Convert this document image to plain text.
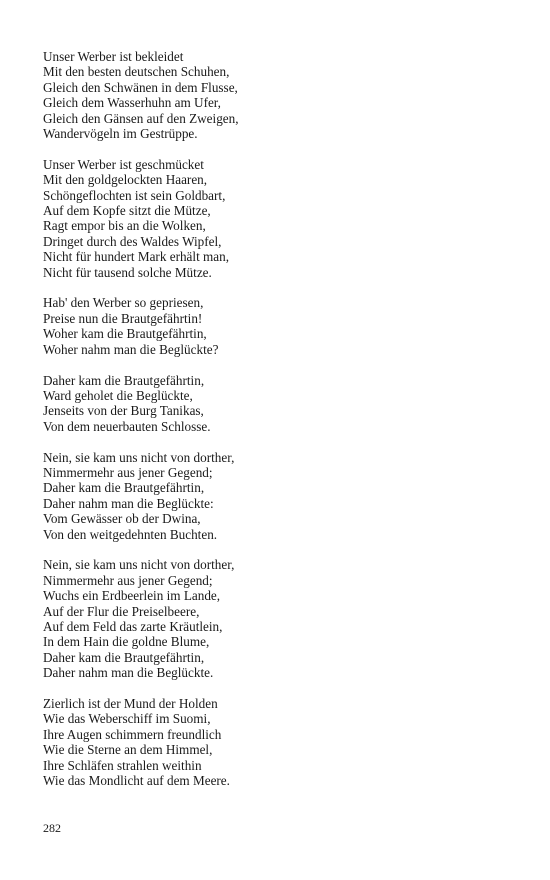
Unser Werber ist bekleidet
Mit den besten deutschen Schuhen,
Gleich den Schwänen in dem Flusse,
Gleich dem Wasserhuhn am Ufer,
Gleich den Gänsen auf den Zweigen,
Wandervögeln im Gestrüppe.
Unser Werber ist geschmücket
Mit den goldgelockten Haaren,
Schöngeflochten ist sein Goldbart,
Auf dem Kopfe sitzt die Mütze,
Ragt empor bis an die Wolken,
Dringet durch des Waldes Wipfel,
Nicht für hundert Mark erhält man,
Nicht für tausend solche Mütze.
Hab' den Werber so gepriesen,
Preise nun die Brautgefährtin!
Woher kam die Brautgefährtin,
Woher nahm man die Beglückte?
Daher kam die Brautgefährtin,
Ward geholet die Beglückte,
Jenseits von der Burg Tanikas,
Von dem neuerbauten Schlosse.
Nein, sie kam uns nicht von dorther,
Nimmermehr aus jener Gegend;
Daher kam die Brautgefährtin,
Daher nahm man die Beglückte:
Vom Gewässer ob der Dwina,
Von den weitgedehnten Buchten.
Nein, sie kam uns nicht von dorther,
Nimmermehr aus jener Gegend;
Wuchs ein Erdbeerlein im Lande,
Auf der Flur die Preiselbeere,
Auf dem Feld das zarte Kräutlein,
In dem Hain die goldne Blume,
Daher kam die Brautgefährtin,
Daher nahm man die Beglückte.
Zierlich ist der Mund der Holden
Wie das Weberschiff im Suomi,
Ihre Augen schimmern freundlich
Wie die Sterne an dem Himmel,
Ihre Schläfen strahlen weithin
Wie das Mondlicht auf dem Meere.
282
